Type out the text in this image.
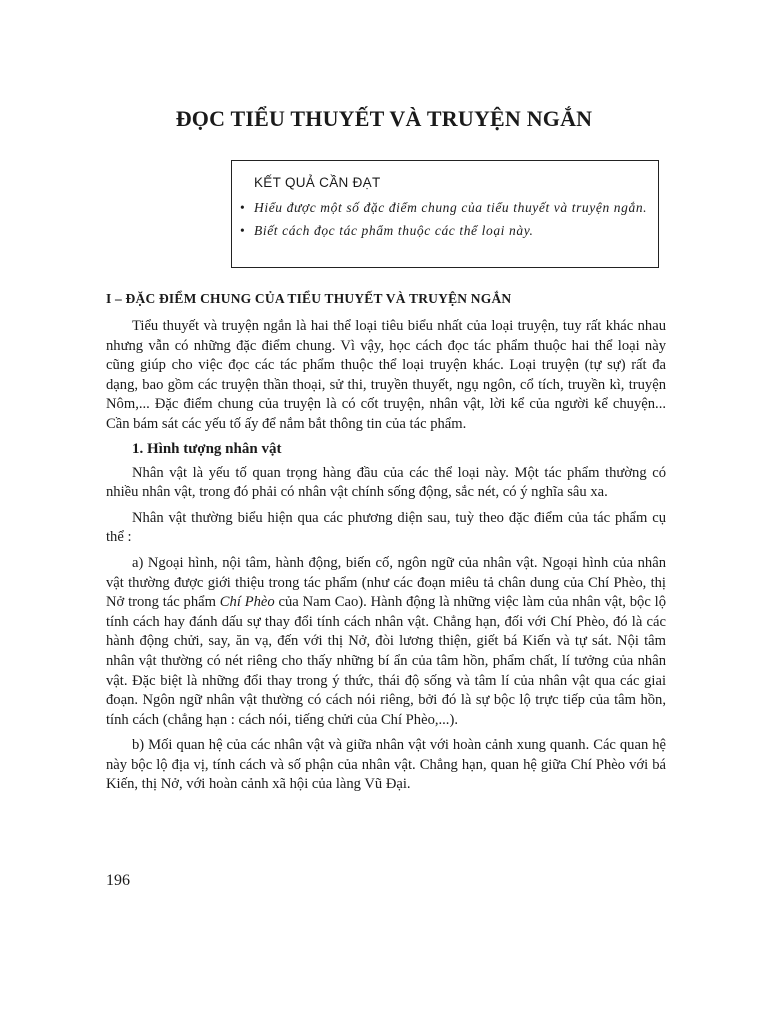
ĐỌC TIỂU THUYẾT VÀ TRUYỆN NGẮN
KẾT QUẢ CẦN ĐẠT
• Hiểu được một số đặc điểm chung của tiểu thuyết và truyện ngắn.
• Biết cách đọc tác phẩm thuộc các thể loại này.
I – ĐẶC ĐIỂM CHUNG CỦA TIỂU THUYẾT VÀ TRUYỆN NGẮN

Tiểu thuyết và truyện ngắn là hai thể loại tiêu biểu nhất của loại truyện, tuy rất khác nhau nhưng vẫn có những đặc điểm chung. Vì vậy, học cách đọc tác phẩm thuộc hai thể loại này cũng giúp cho việc đọc các tác phẩm thuộc thể loại truyện khác. Loại truyện (tự sự) rất đa dạng, bao gồm các truyện thần thoại, sử thi, truyền thuyết, ngụ ngôn, cổ tích, truyền kì, truyện Nôm,... Đặc điểm chung của truyện là có cốt truyện, nhân vật, lời kể của người kể chuyện... Cần bám sát các yếu tố ấy để nắm bắt thông tin của tác phẩm.

1. Hình tượng nhân vật

Nhân vật là yếu tố quan trọng hàng đầu của các thể loại này. Một tác phẩm thường có nhiều nhân vật, trong đó phải có nhân vật chính sống động, sắc nét, có ý nghĩa sâu xa.

Nhân vật thường biểu hiện qua các phương diện sau, tuỳ theo đặc điểm của tác phẩm cụ thể :

a) Ngoại hình, nội tâm, hành động, biến cố, ngôn ngữ của nhân vật. Ngoại hình của nhân vật thường được giới thiệu trong tác phẩm (như các đoạn miêu tả chân dung của Chí Phèo, thị Nở trong tác phẩm Chí Phèo của Nam Cao). Hành động là những việc làm của nhân vật, bộc lộ tính cách hay đánh dấu sự thay đổi tính cách nhân vật. Chẳng hạn, đối với Chí Phèo, đó là các hành động chửi, say, ăn vạ, đến với thị Nở, đòi lương thiện, giết bá Kiến và tự sát. Nội tâm nhân vật thường có nét riêng cho thấy những bí ẩn của tâm hồn, phẩm chất, lí tưởng của nhân vật. Đặc biệt là những đổi thay trong ý thức, thái độ sống và tâm lí của nhân vật qua các giai đoạn. Ngôn ngữ nhân vật thường có cách nói riêng, bởi đó là sự bộc lộ trực tiếp của tâm hồn, tính cách (chẳng hạn : cách nói, tiếng chửi của Chí Phèo,...).

b) Mối quan hệ của các nhân vật và giữa nhân vật với hoàn cảnh xung quanh. Các quan hệ này bộc lộ địa vị, tính cách và số phận của nhân vật. Chẳng hạn, quan hệ giữa Chí Phèo với bá Kiến, thị Nở, với hoàn cảnh xã hội của làng Vũ Đại.

196
